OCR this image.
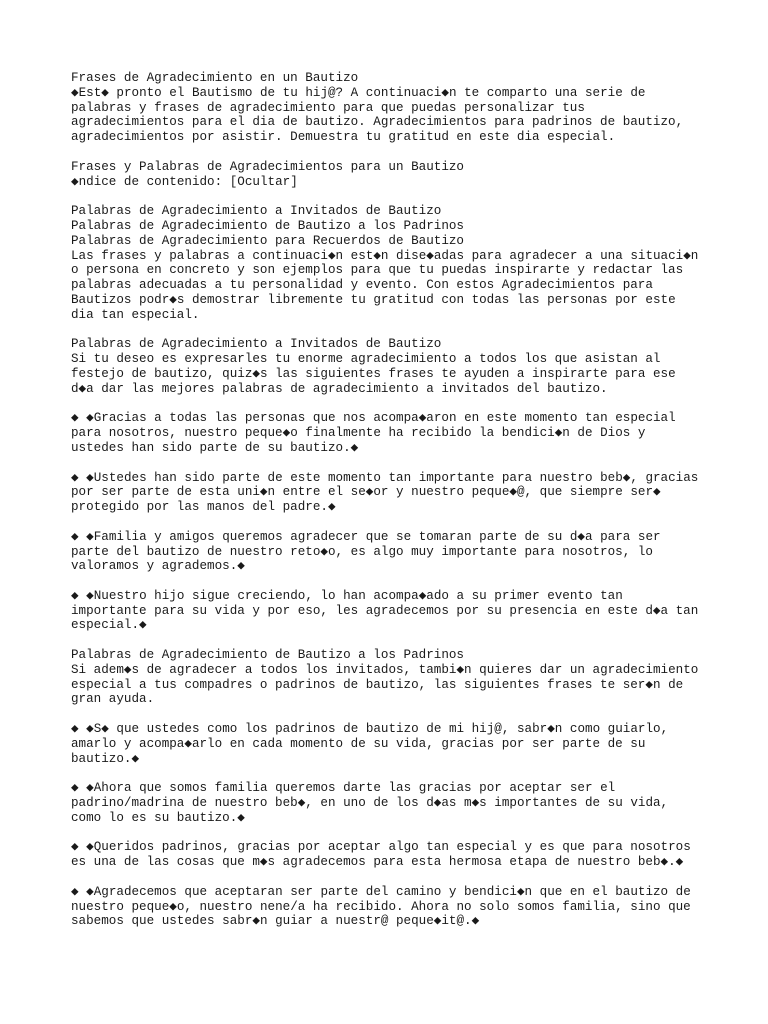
Frases de Agradecimiento en un Bautizo
◆Est◆ pronto el Bautismo de tu hij@? A continuaci◆n te comparto una serie de
palabras y frases de agradecimiento para que puedas personalizar tus
agradecimientos para el dia de bautizo. Agradecimientos para padrinos de bautizo,
agradecimientos por asistir. Demuestra tu gratitud en este dia especial.

Frases y Palabras de Agradecimientos para un Bautizo
◆ndice de contenido: [Ocultar]

Palabras de Agradecimiento a Invitados de Bautizo
Palabras de Agradecimiento de Bautizo a los Padrinos
Palabras de Agradecimiento para Recuerdos de Bautizo
Las frases y palabras a continuaci◆n est◆n dise◆adas para agradecer a una situaci◆n
o persona en concreto y son ejemplos para que tu puedas inspirarte y redactar las
palabras adecuadas a tu personalidad y evento. Con estos Agradecimientos para
Bautizos podr◆s demostrar libremente tu gratitud con todas las personas por este
dia tan especial.

Palabras de Agradecimiento a Invitados de Bautizo
Si tu deseo es expresarles tu enorme agradecimiento a todos los que asistan al
festejo de bautizo, quiz◆s las siguientes frases te ayuden a inspirarte para ese
d◆a dar las mejores palabras de agradecimiento a invitados del bautizo.

◆ ◆Gracias a todas las personas que nos acompa◆aron en este momento tan especial
para nosotros, nuestro peque◆o finalmente ha recibido la bendici◆n de Dios y
ustedes han sido parte de su bautizo.◆

◆ ◆Ustedes han sido parte de este momento tan importante para nuestro beb◆, gracias
por ser parte de esta uni◆n entre el se◆or y nuestro peque◆@, que siempre ser◆
protegido por las manos del padre.◆

◆ ◆Familia y amigos queremos agradecer que se tomaran parte de su d◆a para ser
parte del bautizo de nuestro reto◆o, es algo muy importante para nosotros, lo
valoramos y agrademos.◆

◆ ◆Nuestro hijo sigue creciendo, lo han acompa◆ado a su primer evento tan
importante para su vida y por eso, les agradecemos por su presencia en este d◆a tan
especial.◆

Palabras de Agradecimiento de Bautizo a los Padrinos
Si adem◆s de agradecer a todos los invitados, tambi◆n quieres dar un agradecimiento
especial a tus compadres o padrinos de bautizo, las siguientes frases te ser◆n de
gran ayuda.

◆ ◆S◆ que ustedes como los padrinos de bautizo de mi hij@, sabr◆n como guiarlo,
amarlo y acompa◆arlo en cada momento de su vida, gracias por ser parte de su
bautizo.◆

◆ ◆Ahora que somos familia queremos darte las gracias por aceptar ser el
padrino/madrina de nuestro beb◆, en uno de los d◆as m◆s importantes de su vida,
como lo es su bautizo.◆

◆ ◆Queridos padrinos, gracias por aceptar algo tan especial y es que para nosotros
es una de las cosas que m◆s agradecemos para esta hermosa etapa de nuestro beb◆.◆

◆ ◆Agradecemos que aceptaran ser parte del camino y bendici◆n que en el bautizo de
nuestro peque◆o, nuestro nene/a ha recibido. Ahora no solo somos familia, sino que
sabemos que ustedes sabr◆n guiar a nuestr@ peque◆it@.◆
